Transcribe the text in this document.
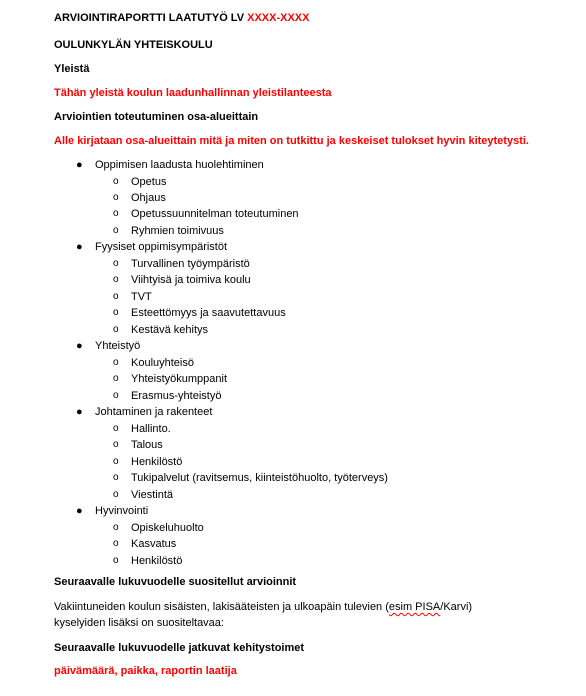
ARVIOINTIRAPORTTI LAATUTYÖ LV XXXX-XXXX
OULUNKYLÄN YHTEISKOULU
Yleistä
Tähän yleistä koulun laadunhallinnan yleistilanteesta
Arviointien toteutuminen osa-alueittain
Alle kirjataan osa-alueittain mitä ja miten on tutkittu ja keskeiset tulokset hyvin kiteytetysti.
● Oppimisen laadusta huolehtiminen
o Opetus
o Ohjaus
o Opetussuunnitelman toteutuminen
o Ryhmien toimivuus
● Fyysiset oppimisympäristöt
o Turvallinen työympäristö
o Viihtyisä ja toimiva koulu
o TVT
o Esteettömyys ja saavutettavuus
o Kestävä kehitys
● Yhteistyö
o Kouluyhteisö
o Yhteistyökumppanit
o Erasmus-yhteistyö
● Johtaminen ja rakenteet
o Hallinto.
o Talous
o Henkilöstö
o Tukipalvelut (ravitsemus, kiinteistöhuolto, työterveys)
o Viestintä
● Hyvinvointi
o Opiskeluhuolto
o Kasvatus
o Henkilöstö
Seuraavalle lukuvuodelle suositellut arvioinnit
Vakiintuneiden koulun sisäisten, lakisääteisten ja ulkoapäin tulevien (esim PISA/Karvi) kyselyiden lisäksi on suositeltavaa:
Seuraavalle lukuvuodelle jatkuvat kehitystoimet
päivämäärä, paikka, raportin laatija
